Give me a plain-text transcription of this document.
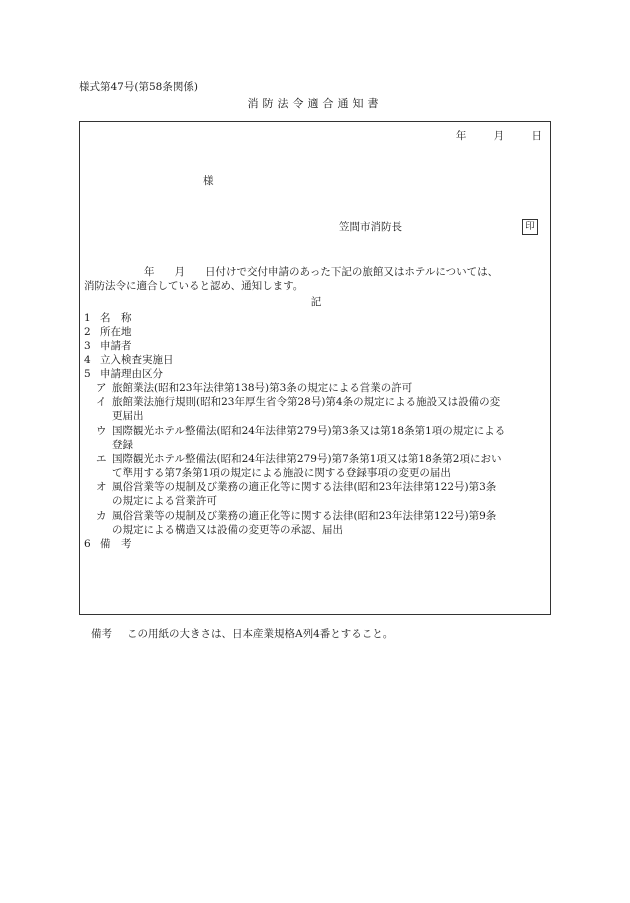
様式第47号(第58条関係)
消防法令適合通知書
年	月	日
様
笠間市消防長	印
年 月 日付けで交付申請のあった下記の旅館又はホテルについては、
消防法令に適合していると認め、通知します。
記
1 名　称
2 所在地
3 申請者
4 立入検査実施日
5 申請理由区分
ア 旅館業法(昭和23年法律第138号)第3条の規定による営業の許可
イ 旅館業法施行規則(昭和23年厚生省令第28号)第4条の規定による施設又は設備の変
更届出
ウ 国際観光ホテル整備法(昭和24年法律第279号)第3条又は第18条第1項の規定による
登録
エ 国際観光ホテル整備法(昭和24年法律第279号)第7条第1項又は第18条第2項におい
て準用する第7条第1項の規定による施設に関する登録事項の変更の届出
オ 風俗営業等の規制及び業務の適正化等に関する法律(昭和23年法律第122号)第3条
の規定による営業許可
カ 風俗営業等の規制及び業務の適正化等に関する法律(昭和23年法律第122号)第9条
の規定による構造又は設備の変更等の承認、届出
6 備　考
備考 この用紙の大きさは、日本産業規格A列4番とすること。
